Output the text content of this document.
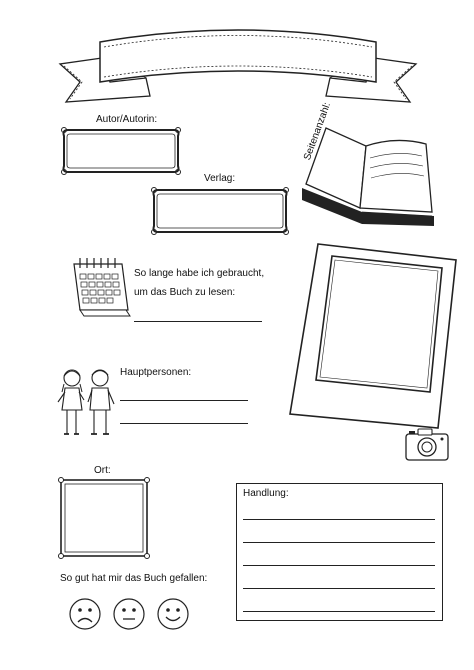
Autor/Autorin:
Verlag:
Seitenanzahl:
So lange habe ich gebraucht,
um das Buch zu lesen:
Hauptpersonen:
Ort:
Handlung:
So gut hat mir das Buch gefallen:
